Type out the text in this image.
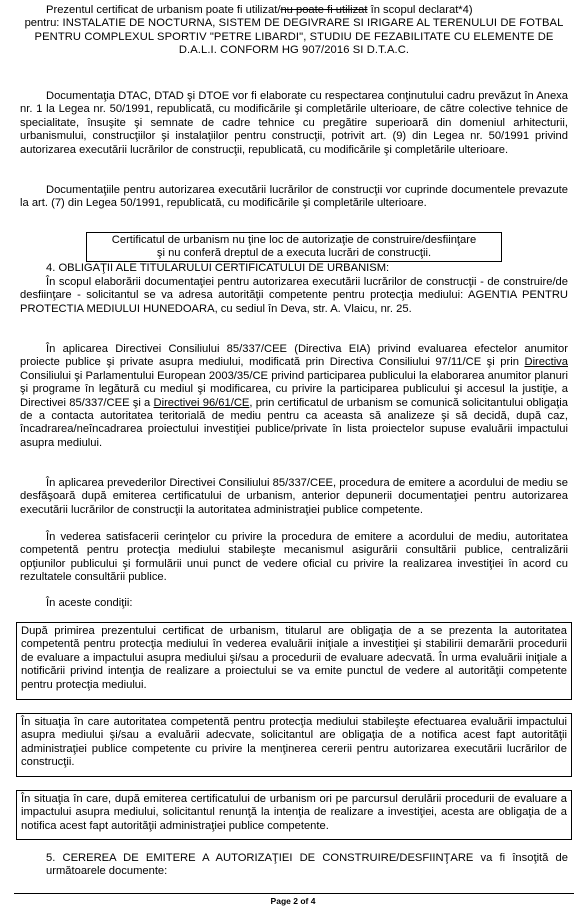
Prezentul certificat de urbanism poate fi utilizat/nu poate fi utilizat în scopul declarat*4)
pentru: INSTALATIE DE NOCTURNA, SISTEM DE DEGIVRARE SI IRIGARE AL TERENULUI DE FOTBAL PENTRU COMPLEXUL SPORTIV "PETRE LIBARDI", STUDIU DE FEZABILITATE CU ELEMENTE DE D.A.L.I. CONFORM HG 907/2016 SI D.T.A.C.

Documentaţia DTAC, DTAD şi DTOE vor fi elaborate cu respectarea conţinutului cadru prevăzut în Anexa nr. 1 la Legea nr. 50/1991, republicată, cu modificările şi completările ulterioare, de către colective tehnice de specialitate, însuşite şi semnate de cadre tehnice cu pregătire superioară din domeniul arhitecturii, urbanismului, construcţiilor şi instalaţiilor pentru construcţii, potrivit art. (9) din Legea nr. 50/1991 privind autorizarea executării lucrărilor de construcţii, republicată, cu modificările şi completările ulterioare.

Documentaţiile pentru autorizarea executării lucrărilor de construcţii vor cuprinde documentele prevazute la art. (7) din Legea 50/1991, republicată, cu modificările şi completările ulterioare.

Certificatul de urbanism nu ţine loc de autorizaţie de construire/desfiinţare
şi nu conferă dreptul de a executa lucrări de construcţii.

4. OBLIGAŢII ALE TITULARULUI CERTIFICATULUI DE URBANISM:

În scopul elaborării documentaţiei pentru autorizarea executării lucrărilor de construcţii - de construire/de desfiinţare - solicitantul se va adresa autorităţii competente pentru protecţia mediului: AGENTIA PENTRU PROTECTIA MEDIULUI HUNEDOARA, cu sediul în Deva, str. A. Vlaicu, nr. 25.

În aplicarea Directivei Consiliului 85/337/CEE (Directiva EIA) privind evaluarea efectelor anumitor proiecte publice şi private asupra mediului, modificată prin Directiva Consiliului 97/11/CE şi prin Directiva Consiliului şi Parlamentului European 2003/35/CE privind participarea publicului la elaborarea anumitor planuri şi programe în legătură cu mediul şi modificarea, cu privire la participarea publicului şi accesul la justiţie, a Directivei 85/337/CEE şi a Directivei 96/61/CE, prin certificatul de urbanism se comunică solicitantului obligaţia de a contacta autoritatea teritorială de mediu pentru ca aceasta să analizeze şi să decidă, după caz, încadrarea/neîncadrarea proiectului investiţiei publice/private în lista proiectelor supuse evaluării impactului asupra mediului.

În aplicarea prevederilor Directivei Consiliului 85/337/CEE, procedura de emitere a acordului de mediu se desfăşoară după emiterea certificatului de urbanism, anterior depunerii documentaţiei pentru autorizarea executării lucrărilor de construcţii la autoritatea administraţiei publice competente.

În vederea satisfacerii cerinţelor cu privire la procedura de emitere a acordului de mediu, autoritatea competentă pentru protecţia mediului stabileşte mecanismul asigurării consultării publice, centralizării opţiunilor publicului şi formulării unui punct de vedere oficial cu privire la realizarea investiţiei în acord cu rezultatele consultării publice.

În aceste condiţii:

După primirea prezentului certificat de urbanism, titularul are obligaţia de a se prezenta la autoritatea competentă pentru protecţia mediului în vederea evaluării iniţiale a investiţiei şi stabilirii demarării procedurii de evaluare a impactului asupra mediului şi/sau a procedurii de evaluare adecvată. În urma evaluării iniţiale a notificării privind intenţia de realizare a proiectului se va emite punctul de vedere al autorităţii competente pentru protecţia mediului.
În situaţia în care autoritatea competentă pentru protecţia mediului stabileşte efectuarea evaluării impactului asupra mediului şi/sau a evaluării adecvate, solicitantul are obligaţia de a notifica acest fapt autorităţii administraţiei publice competente cu privire la menţinerea cererii pentru autorizarea executării lucrărilor de construcţii.
În situaţia în care, după emiterea certificatului de urbanism ori pe parcursul derulării procedurii de evaluare a impactului asupra mediului, solicitantul renunţă la intenţia de realizare a investiţiei, acesta are obligaţia de a notifica acest fapt autorităţii administraţiei publice competente.

5. CEREREA DE EMITERE A AUTORIZAŢIEI DE CONSTRUIRE/DESFIINŢARE va fi însoţită de următoarele documente:

Page 2 of 4
